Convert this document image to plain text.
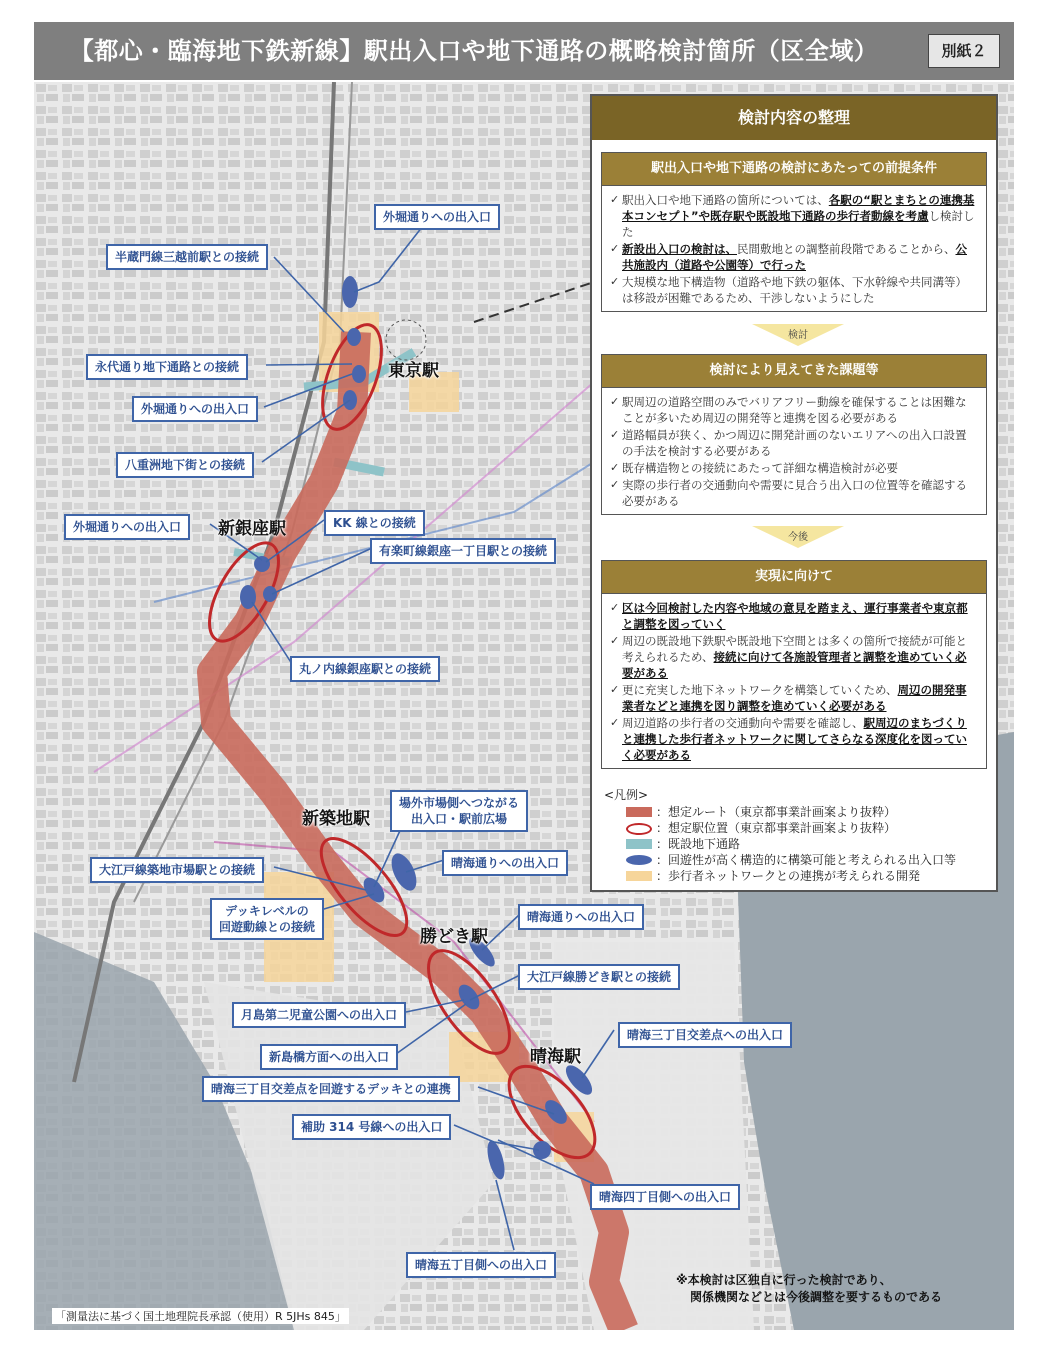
【都心・臨海地下鉄新線】駅出入口や地下通路の概略検討箇所（区全域）	別紙２
外堀通りへの出入口
半蔵門線三越前駅との接続
永代通り地下通路との接続
外堀通りへの出入口
八重洲地下街との接続
外堀通りへの出入口	KK 線との接続
有楽町線銀座一丁目駅との接続
丸ノ内線銀座駅との接続
場外市場側へつながる
出入口・駅前広場
大江戸線築地市場駅との接続	晴海通りへの出入口
デッキレベルの
回遊動線との接続
晴海通りへの出入口
大江戸線勝どき駅との接続
月島第二児童公園への出入口
新島橋方面への出入口
晴海三丁目交差点を回遊するデッキとの連携
晴海三丁目交差点への出入口
補助 314 号線への出入口
晴海四丁目側への出入口
晴海五丁目側への出入口
東京駅
新銀座駅
新築地駅
勝どき駅
晴海駅
検討内容の整理
駅出入口や地下通路の検討にあたっての前提条件
✓ 駅出入口や地下通路の箇所については、各駅の“駅とまちとの連携基本コンセプト”や既存駅や既設地下通路の歩行者動線を考慮し検討した
✓ 新設出入口の検討は、民間敷地との調整前段階であることから、公共施設内（道路や公園等）で行った
✓ 大規模な地下構造物（道路や地下鉄の躯体、下水幹線や共同溝等）は移設が困難であるため、干渉しないようにした
検討
検討により見えてきた課題等
✓ 駅周辺の道路空間のみでバリアフリー動線を確保することは困難なことが多いため周辺の開発等と連携を図る必要がある
✓ 道路幅員が狭く、かつ周辺に開発計画のないエリアへの出入口設置の手法を検討する必要がある
✓ 既存構造物との接続にあたって詳細な構造検討が必要
✓ 実際の歩行者の交通動向や需要に見合う出入口の位置等を確認する必要がある
今後
実現に向けて
✓ 区は今回検討した内容や地域の意見を踏まえ、運行事業者や東京都と調整を図っていく
✓ 周辺の既設地下鉄駅や既設地下空間とは多くの箇所で接続が可能と考えられるため、接続に向けて各施設管理者と調整を進めていく必要がある
✓ 更に充実した地下ネットワークを構築していくため、周辺の開発事業者などと連携を図り調整を進めていく必要がある
✓ 周辺道路の歩行者の交通動向や需要を確認し、駅周辺のまちづくりと連携した歩行者ネットワークに関してさらなる深度化を図っていく必要がある
<凡例>
：想定ルート（東京都事業計画案より抜粋）
：想定駅位置（東京都事業計画案より抜粋）
：既設地下通路
：回遊性が高く構造的に構築可能と考えられる出入口等
：歩行者ネットワークとの連携が考えられる開発
※本検討は区独自に行った検討であり、
関係機関などとは今後調整を要するものである
「測量法に基づく国土地理院長承認（使用）R 5JHs 845」
